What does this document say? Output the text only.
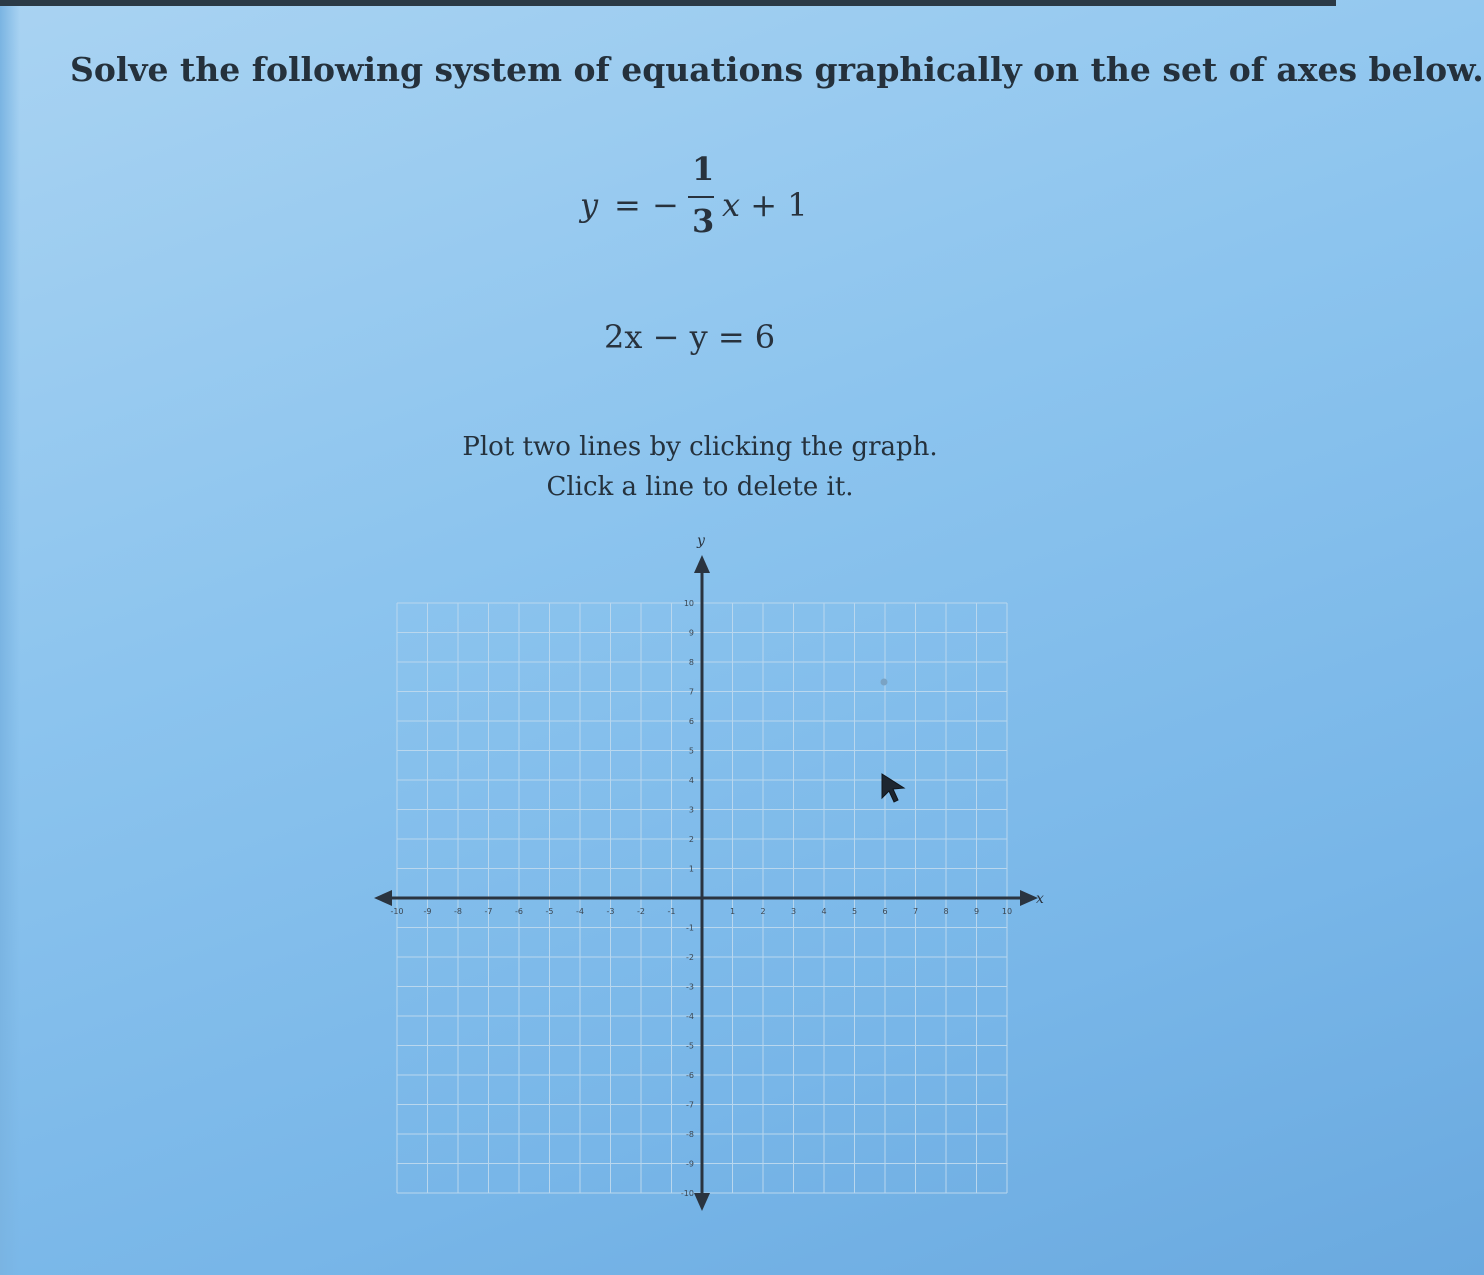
Solve the following system of equations graphically on the set of axes below.
y = −
1
3 x + 1
2x − y = 6
Plot two lines by clicking the graph.
Click a line to delete it.
x
y
-10 -9	-8	-7	-6	-5	-4	-3	-2	-1	1	2	3	4	5	6	7	8	9	10
10
9
8
7
6
5
4
3
2
1
-1
-2
-3
-4
-5
-6
-7
-8
-9
-10
